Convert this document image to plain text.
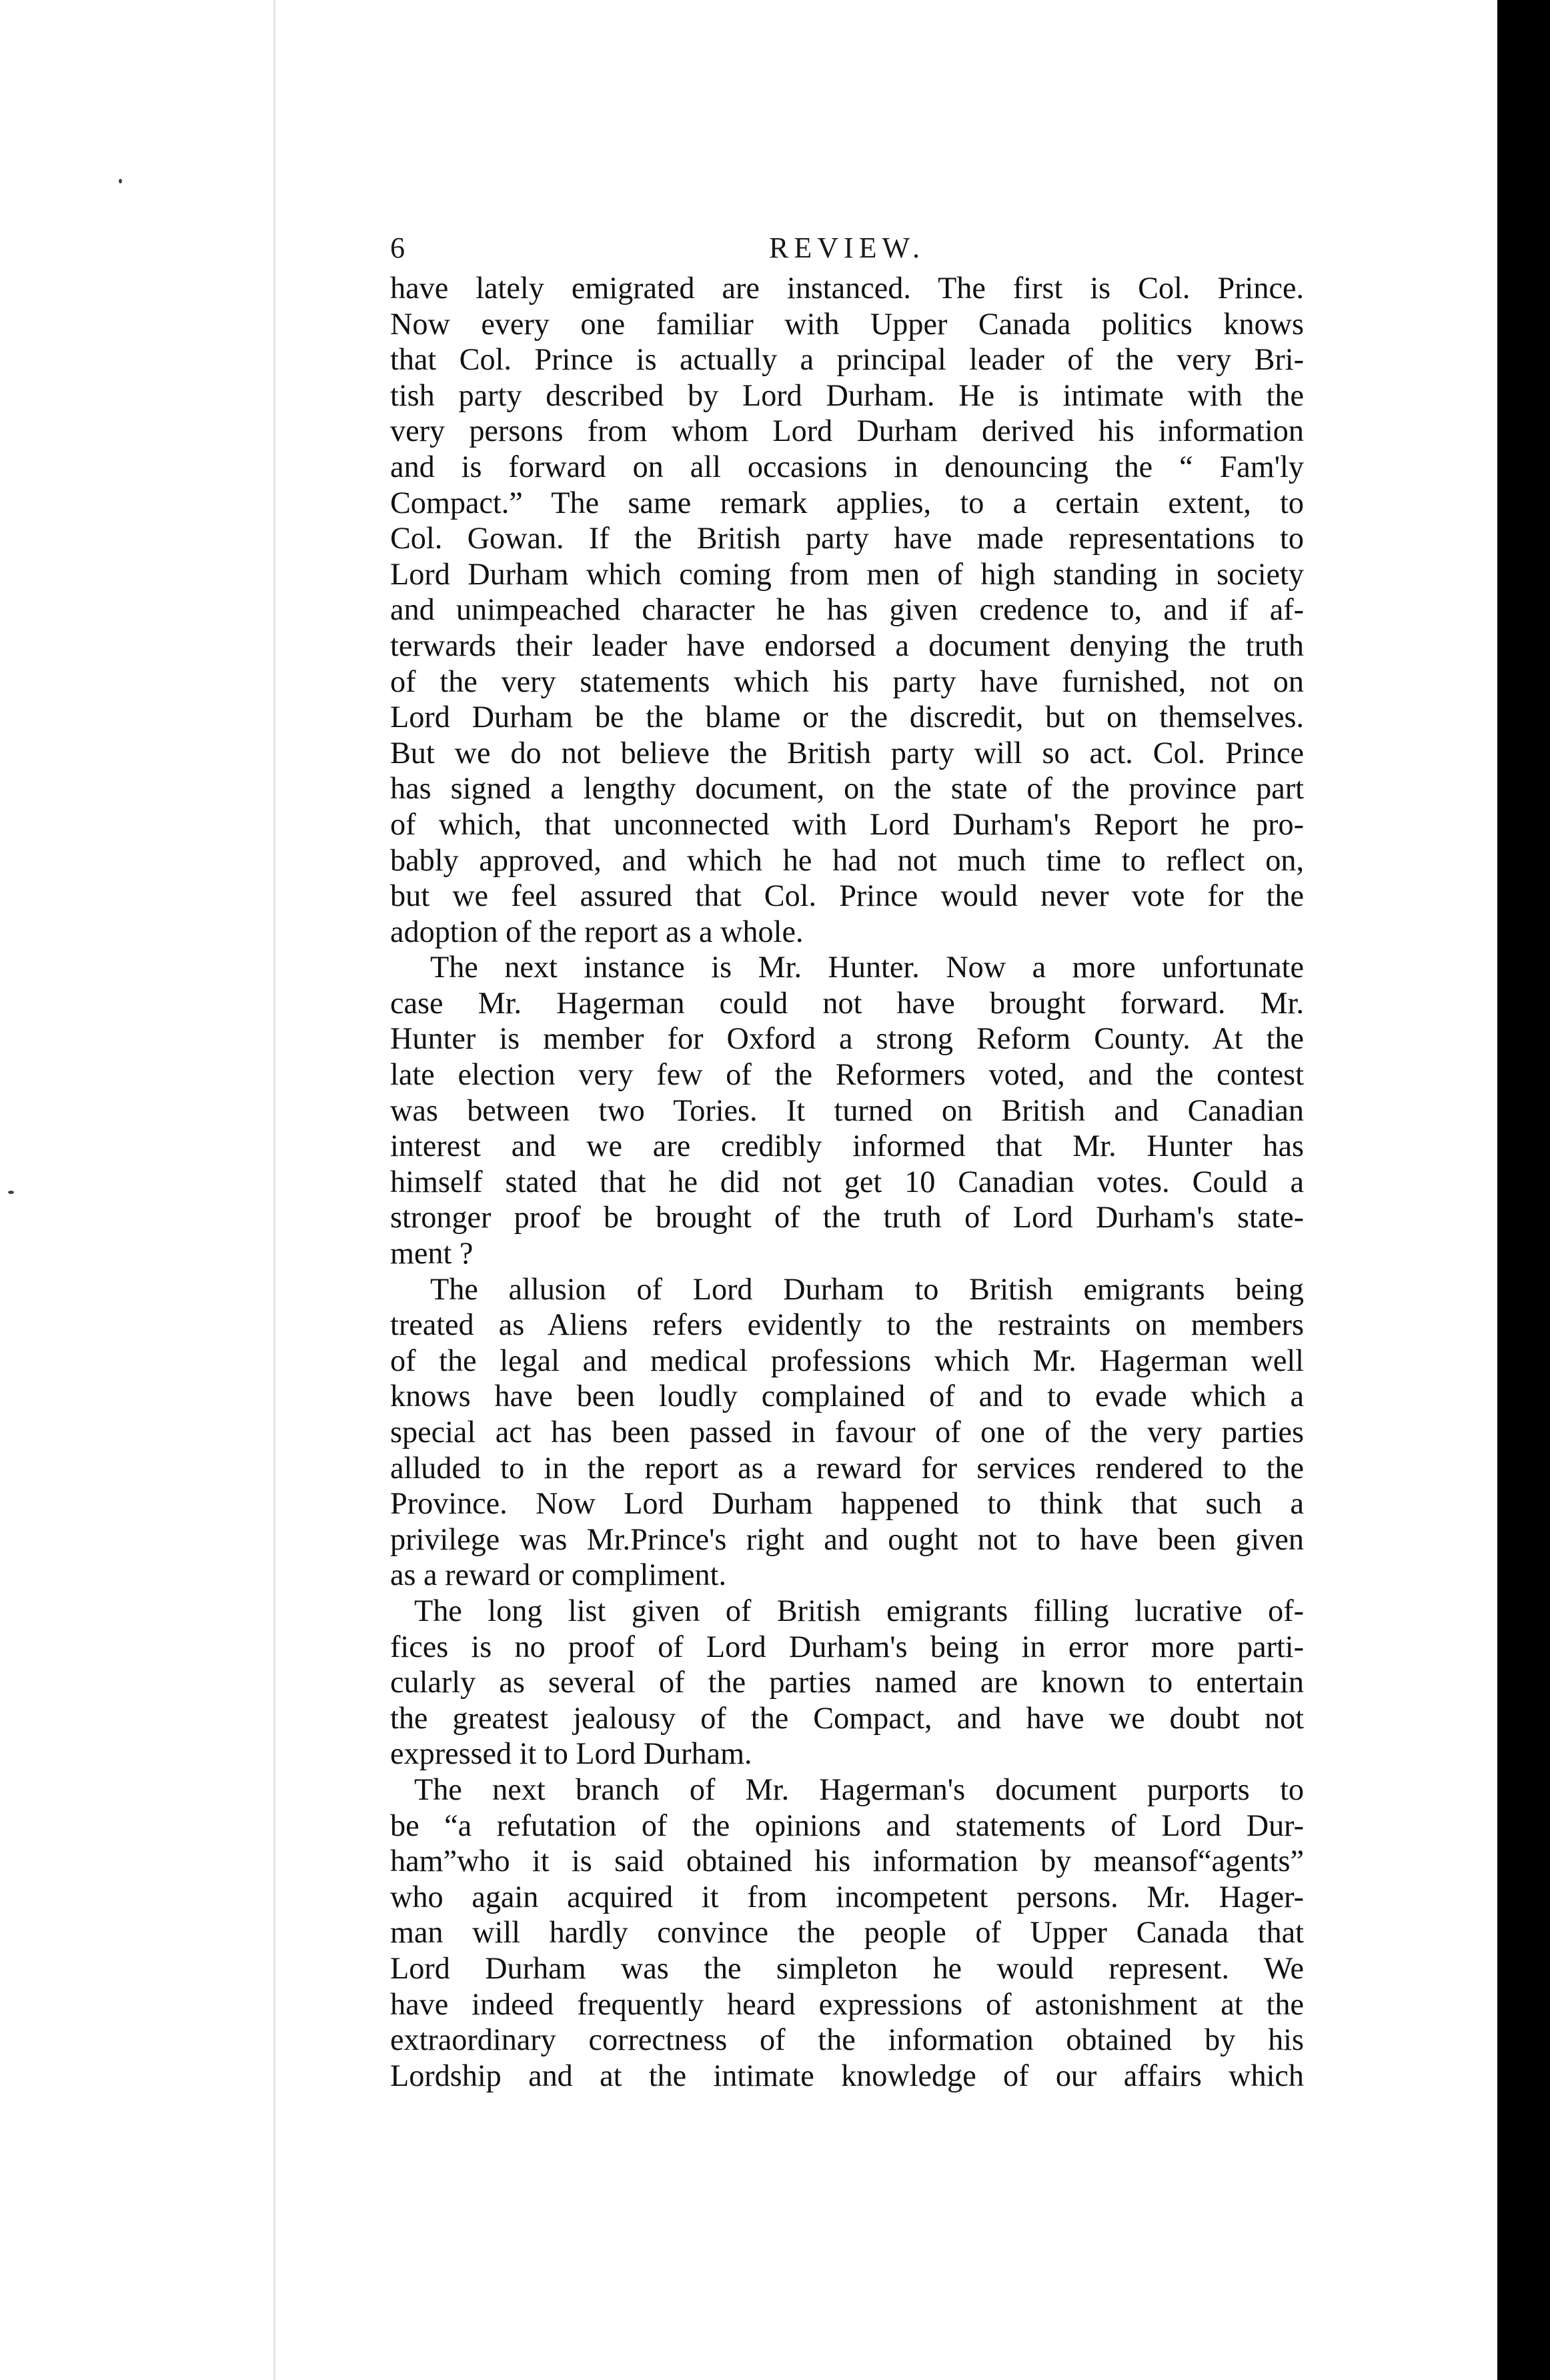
6	REVIEW.
have lately emigrated are instanced. The first is Col. Prince.
Now every one familiar with Upper Canada politics knows
that Col. Prince is actually a principal leader of the very Bri-
tish party described by Lord Durham. He is intimate with the
very persons from whom Lord Durham derived his information
and is forward on all occasions in denouncing the “ Fam'ly
Compact.” The same remark applies, to a certain extent, to
Col. Gowan. If the British party have made representations to
Lord Durham which coming from men of high standing in society
and unimpeached character he has given credence to, and if af-
terwards their leader have endorsed a document denying the truth
of the very statements which his party have furnished, not on
Lord Durham be the blame or the discredit, but on themselves.
But we do not believe the British party will so act. Col. Prince
has signed a lengthy document, on the state of the province part
of which, that unconnected with Lord Durham's Report he pro-
bably approved, and which he had not much time to reflect on,
but we feel assured that Col. Prince would never vote for the
adoption of the report as a whole.
The next instance is Mr. Hunter. Now a more unfortunate
case Mr. Hagerman could not have brought forward. Mr.
Hunter is member for Oxford a strong Reform County. At the
late election very few of the Reformers voted, and the contest
was between two Tories. It turned on British and Canadian
interest and we are credibly informed that Mr. Hunter has
himself stated that he did not get 10 Canadian votes. Could a
stronger proof be brought of the truth of Lord Durham's state-
ment ?
The allusion of Lord Durham to British emigrants being
treated as Aliens refers evidently to the restraints on members
of the legal and medical professions which Mr. Hagerman well
knows have been loudly complained of and to evade which a
special act has been passed in favour of one of the very parties
alluded to in the report as a reward for services rendered to the
Province. Now Lord Durham happened to think that such a
privilege was Mr.Prince's right and ought not to have been given
as a reward or compliment.
The long list given of British emigrants filling lucrative of-
fices is no proof of Lord Durham's being in error more parti-
cularly as several of the parties named are known to entertain
the greatest jealousy of the Compact, and have we doubt not
expressed it to Lord Durham.
The next branch of Mr. Hagerman's document purports to
be “a refutation of the opinions and statements of Lord Dur-
ham”who it is said obtained his information by meansof“agents”
who again acquired it from incompetent persons. Mr. Hager-
man will hardly convince the people of Upper Canada that
Lord Durham was the simpleton he would represent. We
have indeed frequently heard expressions of astonishment at the
extraordinary correctness of the information obtained by his
Lordship and at the intimate knowledge of our affairs which
